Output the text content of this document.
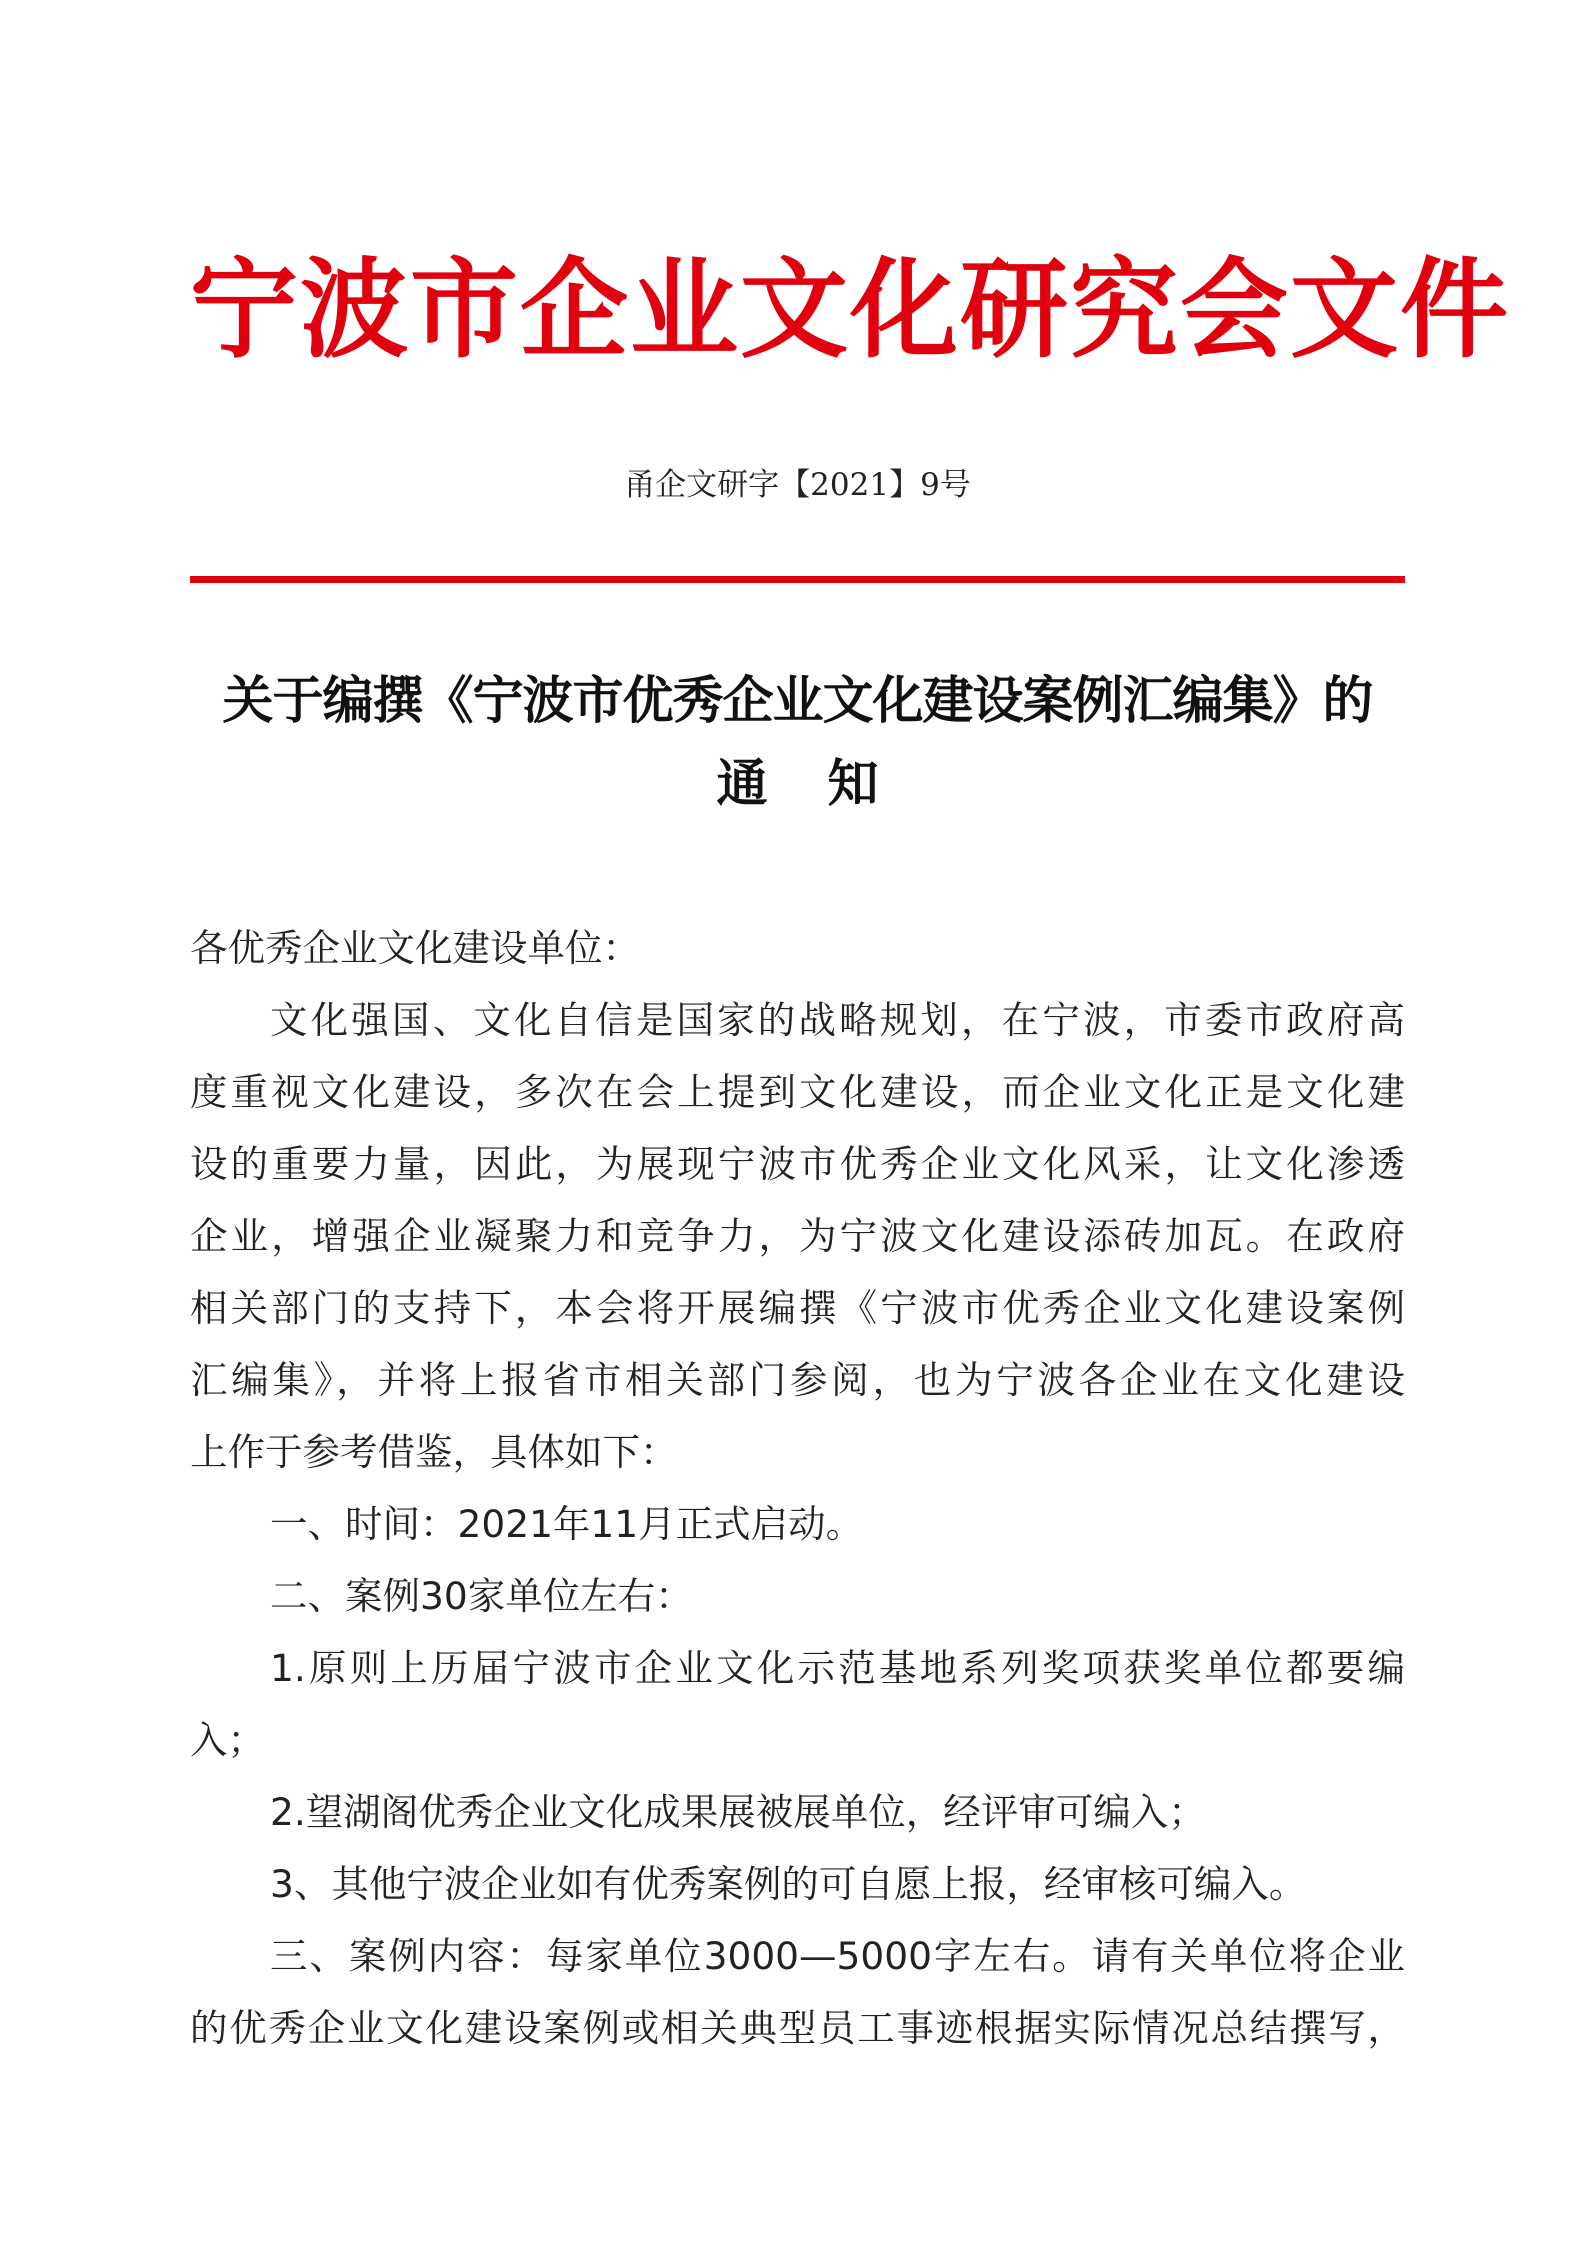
宁波市企业文化研究会文件
甬企文研字【2021】9号
关于编撰《宁波市优秀企业文化建设案例汇编集》的
通知
各优秀企业文化建设单位：
文化强国、文化自信是国家的战略规划，在宁波，市委市政府高
度重视文化建设，多次在会上提到文化建设，而企业文化正是文化建
设的重要力量，因此，为展现宁波市优秀企业文化风采，让文化渗透
企业，增强企业凝聚力和竞争力，为宁波文化建设添砖加瓦。在政府
相关部门的支持下，本会将开展编撰《宁波市优秀企业文化建设案例
汇编集》，并将上报省市相关部门参阅，也为宁波各企业在文化建设
上作于参考借鉴，具体如下：
一、时间：2021年11月正式启动。
二、案例30家单位左右：
1.原则上历届宁波市企业文化示范基地系列奖项获奖单位都要编
入；
2.望湖阁优秀企业文化成果展被展单位，经评审可编入；
3、其他宁波企业如有优秀案例的可自愿上报，经审核可编入。
三、案例内容：每家单位3000—5000字左右。请有关单位将企业
的优秀企业文化建设案例或相关典型员工事迹根据实际情况总结撰写，
